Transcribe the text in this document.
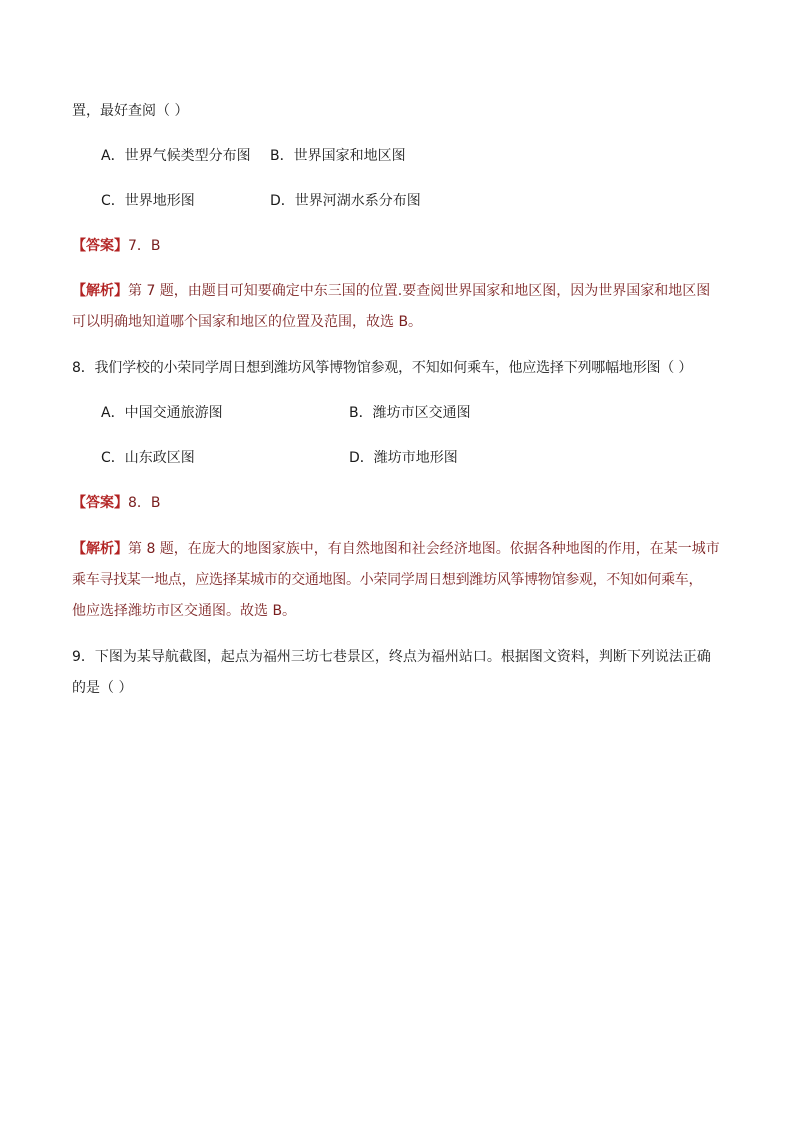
置，最好查阅（ ）
A．世界气候类型分布图 B．世界国家和地区图
C．世界地形图	D．世界河湖水系分布图
【答案】7．B
【解析】第 7 题，由题目可知要确定中东三国的位置.要查阅世界国家和地区图，因为世界国家和地区图
可以明确地知道哪个国家和地区的位置及范围，故选 B。
8．我们学校的小荣同学周日想到潍坊风筝博物馆参观，不知如何乘车，他应选择下列哪幅地形图（ ）
A．中国交通旅游图	B．潍坊市区交通图
C．山东政区图	D．潍坊市地形图
【答案】8．B
【解析】第 8 题，在庞大的地图家族中，有自然地图和社会经济地图。依据各种地图的作用，在某一城市
乘车寻找某一地点，应选择某城市的交通地图。小荣同学周日想到潍坊风筝博物馆参观，不知如何乘车，
他应选择潍坊市区交通图。故选 B。
9．下图为某导航截图，起点为福州三坊七巷景区，终点为福州站口。根据图文资料，判断下列说法正确
的是（ ）
